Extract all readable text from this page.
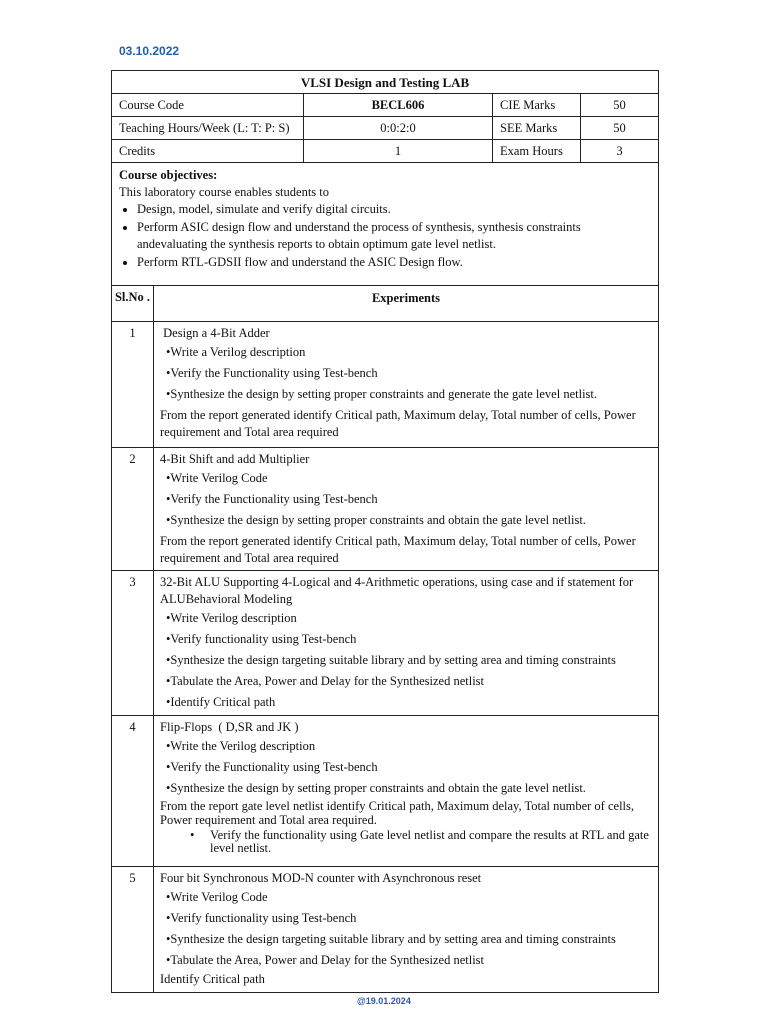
03.10.2022
VLSI Design and Testing LAB
Course Code	BECL606	CIE Marks	50
Teaching Hours/Week (L: T: P: S)	0:0:2:0	SEE Marks	50
Credits	1	Exam Hours	3
Course objectives:
This laboratory course enables students to
• Design, model, simulate and verify digital circuits.
• Perform ASIC design flow and understand the process of synthesis, synthesis constraints andevaluating the synthesis reports to obtain optimum gate level netlist.
• Perform RTL-GDSII flow and understand the ASIC Design flow.
Sl.No .	Experiments
1	Design a 4-Bit Adder
• Write a Verilog description
• Verify the Functionality using Test-bench
• Synthesize the design by setting proper constraints and generate the gate level netlist.
From the report generated identify Critical path, Maximum delay, Total number of cells, Power requirement and Total area required
2	4-Bit Shift and add Multiplier
• Write Verilog Code
• Verify the Functionality using Test-bench
• Synthesize the design by setting proper constraints and obtain the gate level netlist.
From the report generated identify Critical path, Maximum delay, Total number of cells, Power requirement and Total area required
3	32-Bit ALU Supporting 4-Logical and 4-Arithmetic operations, using case and if statement for ALUBehavioral Modeling
• Write Verilog description
• Verify functionality using Test-bench
• Synthesize the design targeting suitable library and by setting area and timing constraints
• Tabulate the Area, Power and Delay for the Synthesized netlist
• Identify Critical path
4	Flip-Flops  ( D,SR and JK )
• Write the Verilog description
• Verify the Functionality using Test-bench
• Synthesize the design by setting proper constraints and obtain the gate level netlist.
From the report gate level netlist identify Critical path, Maximum delay, Total number of cells, Power requirement and Total area required.
•	Verify the functionality using Gate level netlist and compare the results at RTL and gate level netlist.
5	Four bit Synchronous MOD-N counter with Asynchronous reset
• Write Verilog Code
• Verify functionality using Test-bench
• Synthesize the design targeting suitable library and by setting area and timing constraints
• Tabulate the Area, Power and Delay for the Synthesized netlist
Identify Critical path
@19.01.2024
